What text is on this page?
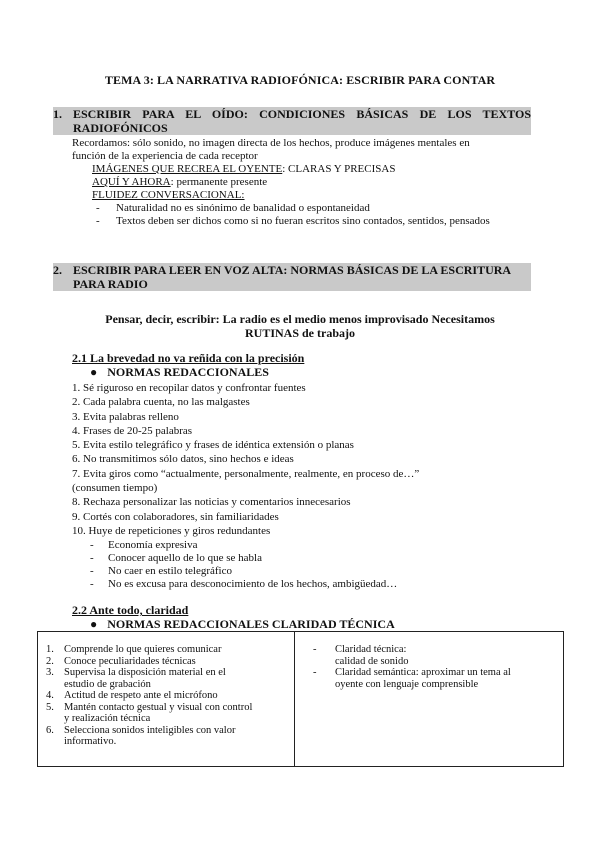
TEMA 3: LA NARRATIVA RADIOFÓNICA: ESCRIBIR PARA CONTAR
1. ESCRIBIR PARA EL OÍDO: CONDICIONES BÁSICAS DE LOS TEXTOS RADIOFÓNICOS
Recordamos: sólo sonido, no imagen directa de los hechos, produce imágenes mentales en
función de la experiencia de cada receptor
IMÁGENES QUE RECREA EL OYENTE: CLARAS Y PRECISAS
AQUÍ Y AHORA: permanente presente
FLUIDEZ CONVERSACIONAL:
- Naturalidad no es sinónimo de banalidad o espontaneidad
- Textos deben ser dichos como si no fueran escritos sino contados, sentidos, pensados
2. ESCRIBIR PARA LEER EN VOZ ALTA: NORMAS BÁSICAS DE LA ESCRITURA PARA RADIO
Pensar, decir, escribir: La radio es el medio menos improvisado Necesitamos
RUTINAS de trabajo
2.1 La brevedad no va reñida con la precisión
● NORMAS REDACCIONALES
1. Sé riguroso en recopilar datos y confrontar fuentes
2. Cada palabra cuenta, no las malgastes
3. Evita palabras relleno
4. Frases de 20-25 palabras
5. Evita estilo telegráfico y frases de idéntica extensión o planas
6. No transmitimos sólo datos, sino hechos e ideas
7. Evita giros como “actualmente, personalmente, realmente, en proceso de…”
(consumen tiempo)
8. Rechaza personalizar las noticias y comentarios innecesarios
9. Cortés con colaboradores, sin familiaridades
10. Huye de repeticiones y giros redundantes
- Economía expresiva
- Conocer aquello de lo que se habla
- No caer en estilo telegráfico
- No es excusa para desconocimiento de los hechos, ambigüedad…
2.2 Ante todo, claridad
● NORMAS REDACCIONALES CLARIDAD TÉCNICA
1. Comprende lo que quieres comunicar
2. Conoce peculiaridades técnicas
3. Supervisa la disposición material en el
estudio de grabación
4. Actitud de respeto ante el micrófono
5. Mantén contacto gestual y visual con control
y realización técnica
6. Selecciona sonidos inteligibles con valor
informativo.
- Claridad técnica:
calidad de sonido
- Claridad semántica: aproximar un tema al
oyente con lenguaje comprensible
